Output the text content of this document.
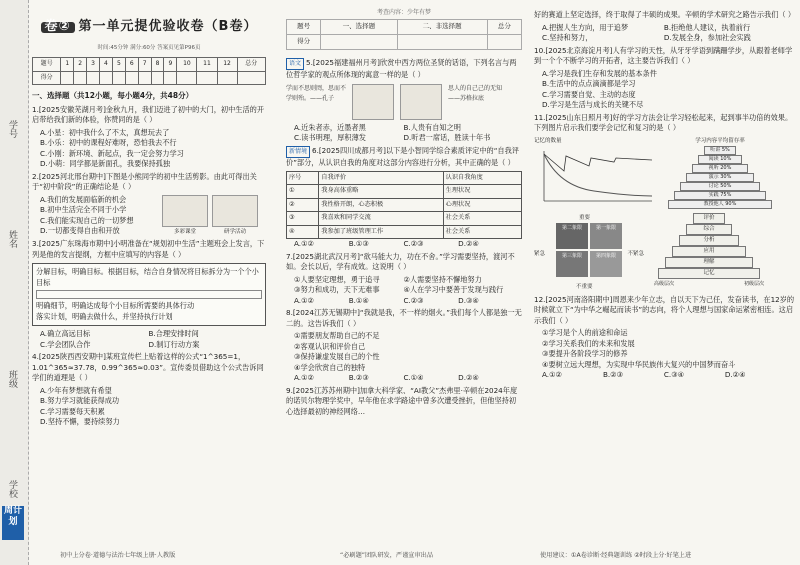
学号
姓名
班级
学校
周计划
卷② 第一单元提优验收卷（B卷）
时间:45分钟 满分:60分 答案页见第P96页
题号	1	2	3	4	5	6	7	8	9	10	11	12	总分
得分													
一、选择题（共12小题，每小题4分，共48分）
1.[2025安徽芜湖月考]金秋九月，我们迈进了初中的大门，初中生活的开启带给我们新的体验，你赞同的是（ ）
A.小星：初中我什么了不太，真想玩去了
B.小乐：初中的课程好难呀，恐怕我去不行
C.小刚：新环境、新起点，我一定会努力学习
D.小萌：同学都是新面孔，我要保持孤独
2.[2025河北邢台期中]下图是小熊同学的初中生活剪影。由此可得出关于“初中阶段”的正确结论是（ ）
A.我们的发展面临新的机会
B.初中生活完全不同于小学
C.我们能实现自己的一切梦想
D.一切都变得自由和开放	多彩课堂	研学活动
3.[2025广东珠海市期中]小明准备在“规划初中生活”主题班会上发言，下列是他的发言提纲，方框中应填写的内容是（ ）
分解目标，明确目标。根据目标，结合自身情况将目标拆分为一个个小目标
明确细节，明确达成每个小目标所需要的具体行动
落实计划，明确去做什么，并坚持执行计划
A.确立高远目标	B.合理安排时间
C.学会团队合作	D.制订行动方案
4.[2025陕西西安期中]某班宣传栏上贴着这样的公式“1^365=1，1.01^365≈37.78，0.99^365≈0.03”。宣传委员借助这个公式告诉同学们的道理是（ ）
A.少年有梦想就有希望
B.努力学习就能获得成功
C.学习需要每天积累
D.坚持不懈，要持续努力
初中上分卷·道德与法治七年级上册·人教版
考查内容：少年有梦
题号	一、选择题	二、非选择题	总分
得分			
语文 5.[2025福建福州月考]欣赏中西方两位圣贤的话语，下列名言与两位哲学家的观点所体现的寓意一样的是（ ）
学而不思则罔，思而不学则殆。——孔子
思人的自己己的无知——苏格拉底
A.近朱者赤，近墨者黑	B.人贵有自知之明
C.读书明理，厚积薄发	D.听君一席话，胜读十年书
新情境 6.[2025四川成都月考]以下是小智同学综合素质评定中的“自我评价”部分，从认识自我的角度对这部分内容进行分析，其中正确的是（ ）
序号	自我评价	认识自我角度
①	我身高体重略	生理状况
②	我性格开朗，心态积极	心理状况
③	我喜欢和同学交流	社会关系
④	我参加了班级管理工作	社会关系
A.①②	B.①③	C.②③	D.②④
7.[2025湖北武汉月考]“欲马能大力，功在不舍。”学习需要坚持，渡河不如。会长以后，学有成效。这说明（ ）
①人要坚定理想，勇于追寻	②人需要坚持不懈地努力
③努力和成功，天下无难事	④人在学习中要善于发现与践行
A.①②	B.①④	C.②③	D.③④
8.[2024江苏无锡期中]“我就是我，不一样的烟火。”我们每个人都是独一无二的。这告诉我们（ ）
①需要朋友帮助自己的不足
②客观认识和评价自己
③保持谦虚发展自己的个性
④学会欣赏自己的独特
A.①②	B.②③	C.①④	D.②④
9.[2025江苏苏州期中]加拿大科学家、“AI教父”杰弗里·辛顿在2024年度的诺贝尔物理学奖中，早年他在求学路途中曾多次遭受挫折，但他坚持初心选择最初的神经网络…
“必刷题”团队研发，严谨宣审出品
好的赛道上坚定选择，终于取得了丰硕的成果。辛顿的学术研究之路告示我们（ ）
A.把握人生方向，用于追梦	B.拒绝他人建议，执着前行
C.坚持和努力，	D.发展全身，参加社会实践
10.[2025北京海淀月考]人有学习的天性，从牙牙学语到蹒跚学步，从跟着老师学到一个个不断学习的开拓者，这主要告诉我们（ ）
A.学习是我们生存和发展的基本条件
B.生活中的点点滴滴都是学习
C.学习需要自觉、主动的态度
D.学习是生活与成长的关键不尽
11.[2025山东日照月考]好的学习方法会让学习轻松起来，起到事半功倍的效果。下列图片启示我们要学会记忆和复习的是（ ）
记忆的数量	学习内容平均留存率
听讲 5%
阅读 10%
视听 20%
演示 30%
讨论 50%
实践 75%
教授他人 90%
重要
紧急	不紧急
不重要
第二象限	第一象限
第三象限	第四象限
评价
综合
分析
应用
理解
记忆
高级层次	初级层次
12.[2025河南洛阳期中]周恩来少年立志，自以天下为己任，发奋读书，在12岁的时候就立下“为中华之崛起而读书”的志向，将个人理想与国家命运紧密相连。这启示我们（ ）
①学习是个人的前途和命运
②学习关系我们的未来和发展
③要提升各阶段学习的修养
④要树立远大理想，为实现中华民族伟大复兴的中国梦而奋斗
A.①②	B.②③	C.③④	D.②④
使用建议：①A卷诊断·经典题训练 ②时段上分·好笔上进
